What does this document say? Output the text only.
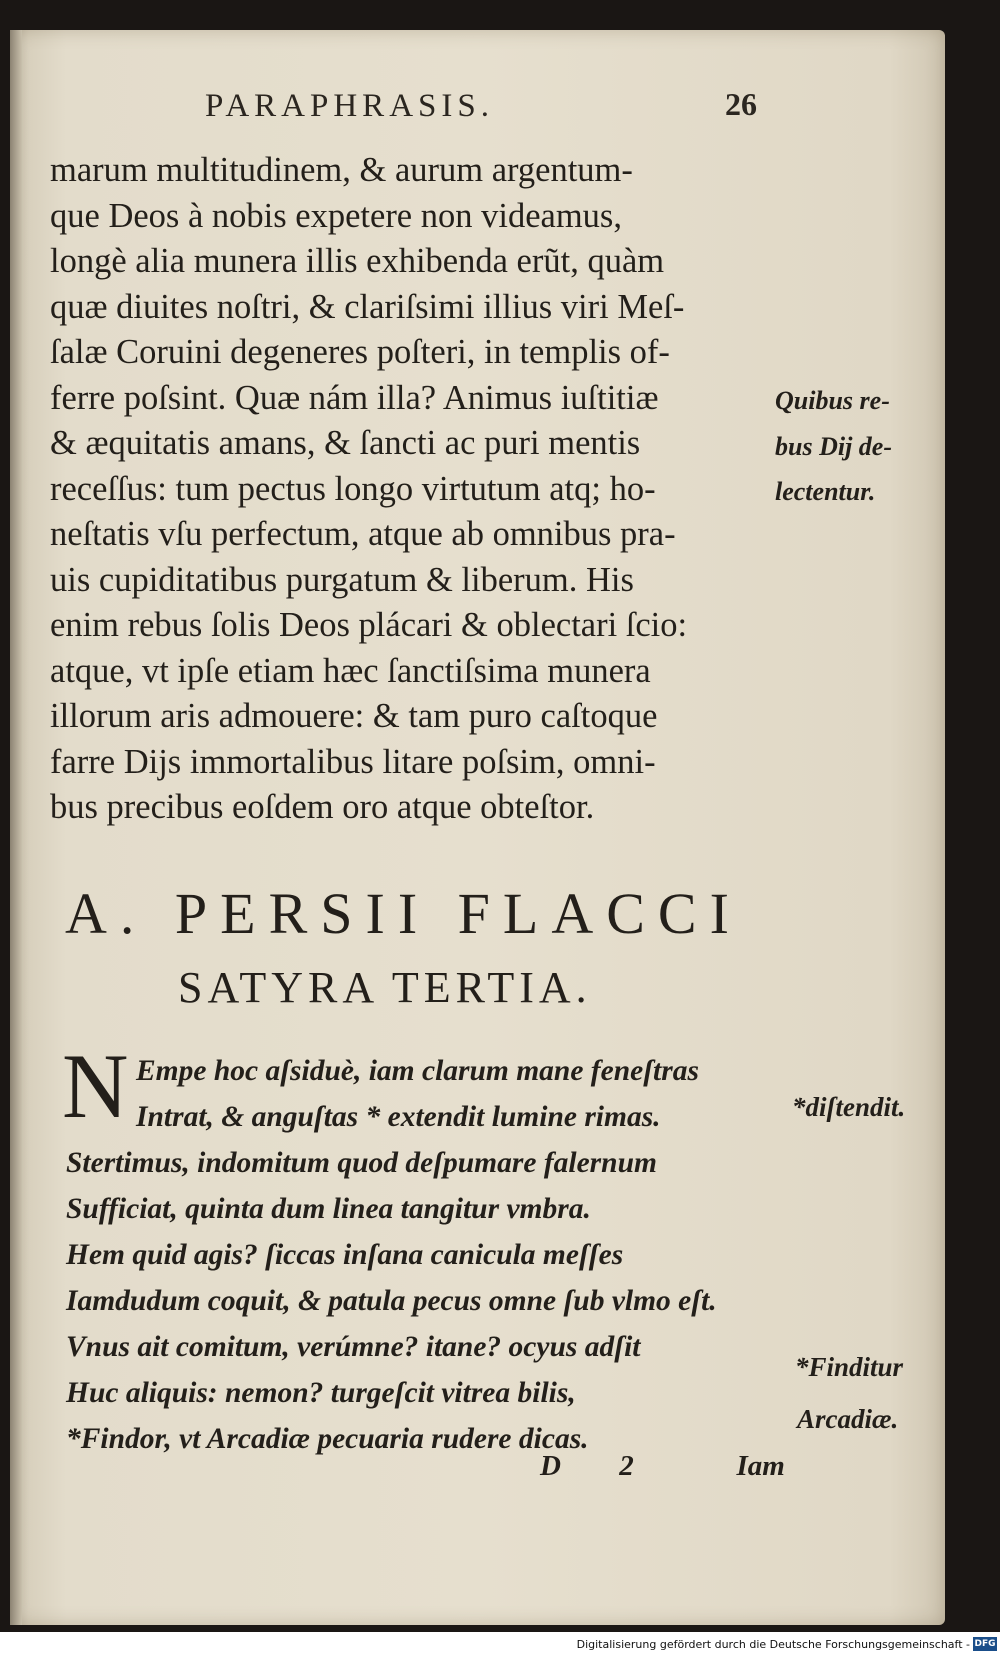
PARAPHRASIS.	26
marum multitudinem, & aurum argentum-
que Deos à nobis expetere non videamus,
longè alia munera illis exhibenda erũt, quàm
quæ diuites noſtri, & clariſsimi illius viri Meſ-
ſalæ Coruini degeneres poſteri, in templis of-
ferre poſsint. Quæ nám illa? Animus iuſtitiæ
& æquitatis amans, & ſancti ac puri mentis
receſſus: tum pectus longo virtutum atq; ho-
neſtatis vſu perfectum, atque ab omnibus pra-
uis cupiditatibus purgatum & liberum. His
enim rebus ſolis Deos plácari & oblectari ſcio:
atque, vt ipſe etiam hæc ſanctiſsima munera
illorum aris admouere: & tam puro caſtoque
farre Dijs immortalibus litare poſsim, omni-
bus precibus eoſdem oro atque obteſtor.
Quibus re-
bus Dij de-
lectentur.
A. PERSII FLACCI
SATYRA TERTIA.
N Empe hoc aſsiduè, iam clarum mane feneſtras
Intrat, & anguſtas * extendit lumine rimas.
Stertimus, indomitum quod deſpumare falernum
Sufficiat, quinta dum linea tangitur vmbra.
Hem quid agis? ſiccas inſana canicula meſſes
Iamdudum coquit, & patula pecus omne ſub vlmo eſt.
Vnus ait comitum, verúmne? itane? ocyus adſit
Huc aliquis: nemon? turgeſcit vitrea bilis,
*Findor, vt Arcadiæ pecuaria rudere dicas.
*diſtendit.
*Finditur
Arcadiæ.
D 2	Iam
Digitalisierung gefördert durch die Deutsche Forschungsgemeinschaft - DFG
